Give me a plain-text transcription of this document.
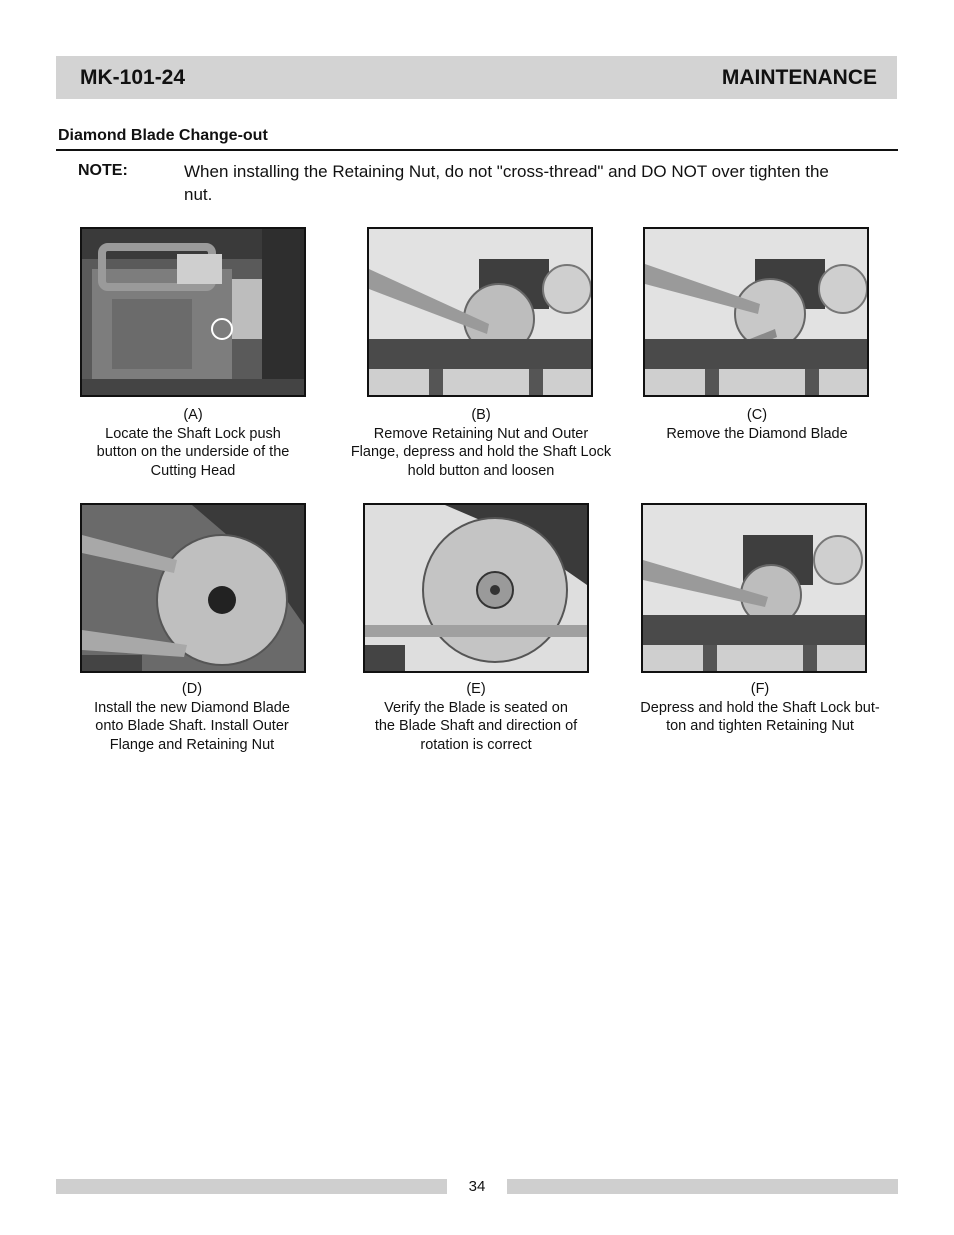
MK-101-24	MAINTENANCE
Diamond Blade Change-out
NOTE:	When installing the Retaining Nut, do not "cross-thread" and DO NOT over tighten the nut.
(A)
Locate the Shaft Lock push
button on the underside of the
Cutting Head
(B)
Remove Retaining Nut and Outer
Flange, depress and hold the Shaft Lock
hold button and loosen
(C)
Remove the Diamond Blade
(D)
Install the new Diamond Blade
onto Blade Shaft. Install Outer
Flange and Retaining Nut
(E)
Verify the Blade is seated on
the Blade Shaft and direction of
rotation is correct
(F)
Depress and hold the Shaft Lock but-
ton and tighten Retaining Nut
34
